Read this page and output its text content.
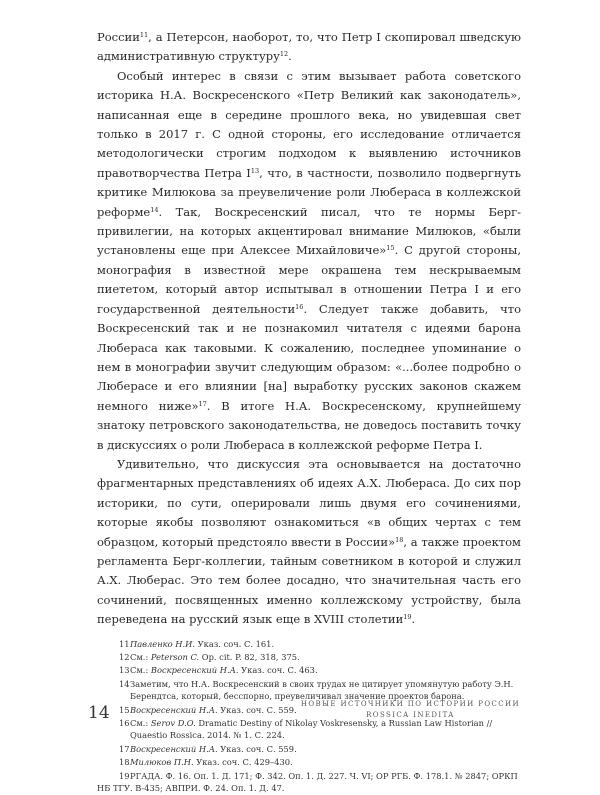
России$^{11}$, а Петерсон, наоборот, то, что Петр I скопировал шведскую административную структуру$^{12}$.

Особый интерес в связи с этим вызывает работа советского историка Н.А. Воскресенского «Петр Великий как законодатель», написанная еще в середине прошлого века, но увидевшая свет только в 2017 г. С одной стороны, его исследование отличается методологически строгим подходом к выявлению источников правотворчества Петра $I^{13}$, что, в частности, позволило подвергнуть критике Милюкова за преувеличение роли Любераса в коллежской реформе$^{14}$. Так, Воскресенский писал, что те нормы Берг-привилегии, на которых акцентировал внимание Милюков, «были установлены еще при Алексее Михайловиче»$^{15}$. С другой стороны, монография в известной мере окрашена тем нескрываемым пиететом, который автор испытывал в отношении Петра I и его государственной деятельности$^{16}$. Следует также добавить, что Воскресенский так и не познакомил читателя с идеями барона Любераса как таковыми. К сожалению, последнее упоминание о нем в монографии звучит следующим образом: «...более подробно о Люберасе и его влиянии [на] выработку русских законов скажем немного ниже»$^{17}$. В итоге Н.А. Воскресенскому, крупнейшему знатоку петровского законодательства, не доведось поставить точку в дискуссиях о роли Любераса в коллежской реформе Петра I.

Удивительно, что дискуссия эта основывается на достаточно фрагментарных представлениях об идеях А.Х. Любераса. До сих пор историки, по сути, оперировали лишь двумя его сочинениями, которые якобы позволяют ознакомиться «в общих чертах с тем образцом, который предстояло ввести в России»$^{18}$, а также проектом регламента Берг-коллегии, тайным советником в которой и служил А.Х. Люберас. Это тем более досадно, что значительная часть его сочинений, посвященных именно коллежскому устройству, была переведена на русский язык еще в XVIII столетии$^{19}$.

11 Павленко Н.И. Указ. соч. С. 161.
12 См.: Peterson C. Op. cit. P. 82, 318, 375.
13 См.: Воскресенский Н.А. Указ. соч. С. 463.
14 Заметим, что Н.А. Воскресенский в своих трудах не цитирует упомянутую работу Э.Н. Берендтса, который, бесспорно, преувеличивал значение проектов барона.
15 Воскресенский Н.А. Указ. соч. С. 559.
16 См.: Serov D.O. Dramatic Destiny of Nikolay Voskresensky, a Russian Law Historian // Quaestio Rossica. 2014. № 1. С. 224.
17 Воскресенский Н.А. Указ. соч. С. 559.
18 Милюков П.Н. Указ. соч. С. 429–430.
19РГАДА. Ф. 16. Оп. 1. Д. 171; Ф. 342. Оп. 1. Д. 227. Ч. VI; ОР РГБ. Ф. 178.1. № 2847; ОРКП НБ ТГУ. В-435; АВПРИ. Ф. 24. Оп. 1. Д. 47.
14	НОВЫЕ ИСТОЧНИКИ ПО ИСТОРИИ РОССИИ
ROSSICA INEDITA
